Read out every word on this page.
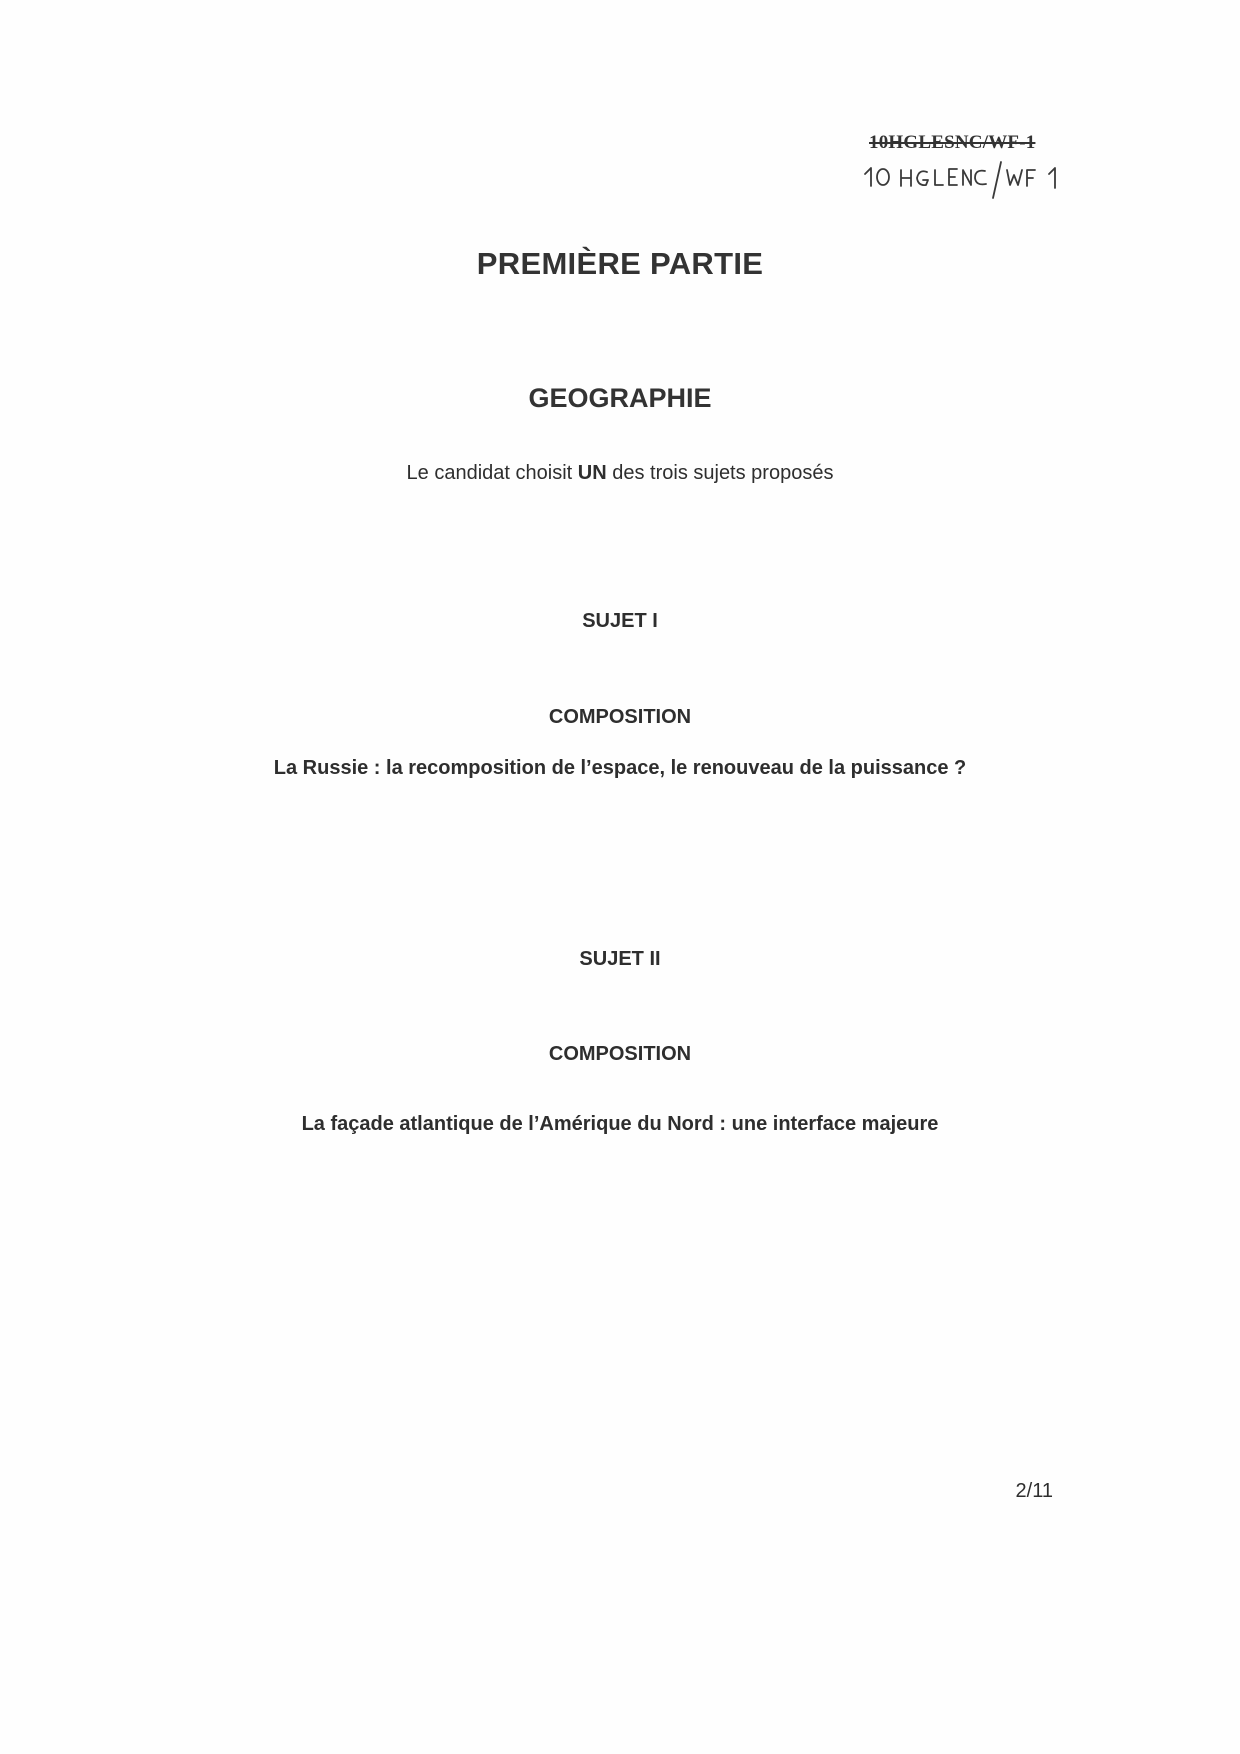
10HGLESNC/WF-1
PREMIÈRE PARTIE
GEOGRAPHIE
Le candidat choisit UN des trois sujets proposés
SUJET I
COMPOSITION
La Russie : la recomposition de l’espace, le renouveau de la puissance ?
SUJET II
COMPOSITION
La façade atlantique de l’Amérique du Nord : une interface majeure
2/11
